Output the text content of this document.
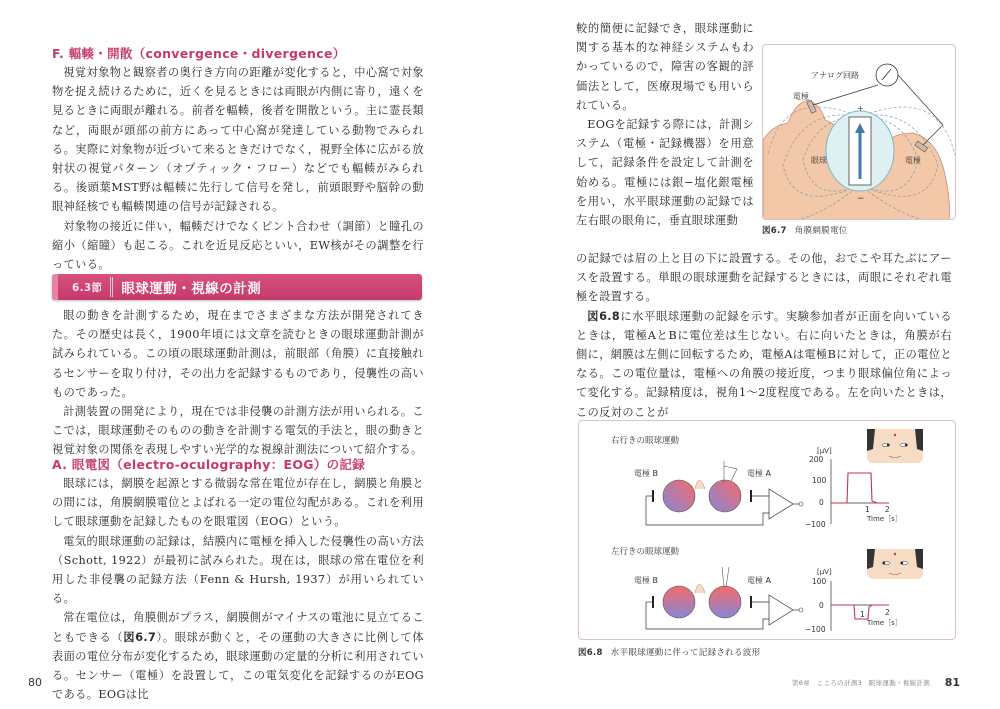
F. 輻輳・開散（convergence・divergence）

視覚対象物と観察者の奥行き方向の距離が変化すると，中心窩で対象物を捉え続けるために，近くを見るときには両眼が内側に寄り，遠くを見るときに両眼が離れる。前者を輻輳，後者を開散という。主に霊長類など，両眼が頭部の前方にあって中心窩が発達している動物でみられる。実際に対象物が近づいて来るときだけでなく，視野全体に広がる放射状の視覚パターン（オプティック・フロー）などでも輻輳がみられる。後頭葉MST野は輻輳に先行して信号を発し，前頭眼野や脳幹の動眼神経核でも輻輳関連の信号が記録される。

対象物の接近に伴い，輻輳だけでなくピント合わせ（調節）と瞳孔の縮小（縮瞳）も起こる。これを近見反応といい，EW核がその調整を行っている。

6.3節 眼球運動・視線の計測

眼の動きを計測するため，現在までさまざまな方法が開発されてきた。その歴史は長く，1900年頃には文章を読むときの眼球運動計測が試みられている。この頃の眼球運動計測は，前眼部（角膜）に直接触れるセンサーを取り付け，その出力を記録するものであり，侵襲性の高いものであった。

計測装置の開発により，現在では非侵襲の計測方法が用いられる。ここでは，眼球運動そのものの動きを計測する電気的手法と，眼の動きと視覚対象の関係を表現しやすい光学的な視線計測法について紹介する。

A. 眼電図（electro-oculography：EOG）の記録

眼球には，網膜を起源とする微弱な常在電位が存在し，網膜と角膜との間には，角膜網膜電位とよばれる一定の電位勾配がある。これを利用して眼球運動を記録したものを眼電図（EOG）という。

電気的眼球運動の記録は，結膜内に電極を挿入した侵襲性の高い方法（Schott, 1922）が最初に試みられた。現在は，眼球の常在電位を利用した非侵襲の記録方法（Fenn & Hursh, 1937）が用いられている。

常在電位は，角膜側がプラス，網膜側がマイナスの電池に見立てることもできる（図6.7）。眼球が動くと，その運動の大きさに比例して体表面の電位分布が変化するため，眼球運動の定量的分析に利用されている。センサー（電極）を設置して，この電気変化を記録するのがEOGである。EOGは比

80

較的簡便に記録でき，眼球運動に関する基本的な神経システムもわかっているので，障害の客観的評価法として，医療現場でも用いられている。

EOGを記録する際には，計測システム（電極・記録機器）を用意して，記録条件を設定して計測を始める。電極には銀−塩化銀電極を用い，水平眼球運動の記録では左右眼の眼角に，垂直眼球運動

の記録では眉の上と目の下に設置する。その他，おでこや耳たぶにアースを設置する。単眼の眼球運動を記録するときには，両眼にそれぞれ電極を設置する。

図6.8に水平眼球運動の記録を示す。実験参加者が正面を向いているときは，電極AとBに電位差は生じない。右に向いたときは，角膜が右側に，網膜は左側に回転するため，電極Aは電極Bに対して，正の電位となる。この電位量は，電極への角膜の接近度，つまり眼球偏位角によって変化する。記録精度は，視角1～2度程度である。左を向いたときは，この反対のことが

81
第6章　こころの計測3　眼球運動・視線計測
+
−
アナログ回路
電極
電極
眼球
図6.7 角膜網膜電位
右行きの眼球運動
電極 B	電極 A
[μV]
200
100
0
−100
1 2
Time［s］
左行きの眼球運動
電極 B	電極 A
[μV]
100
0
−100
1	2
Time［s］
図6.8 水平眼球運動に伴って記録される波形
